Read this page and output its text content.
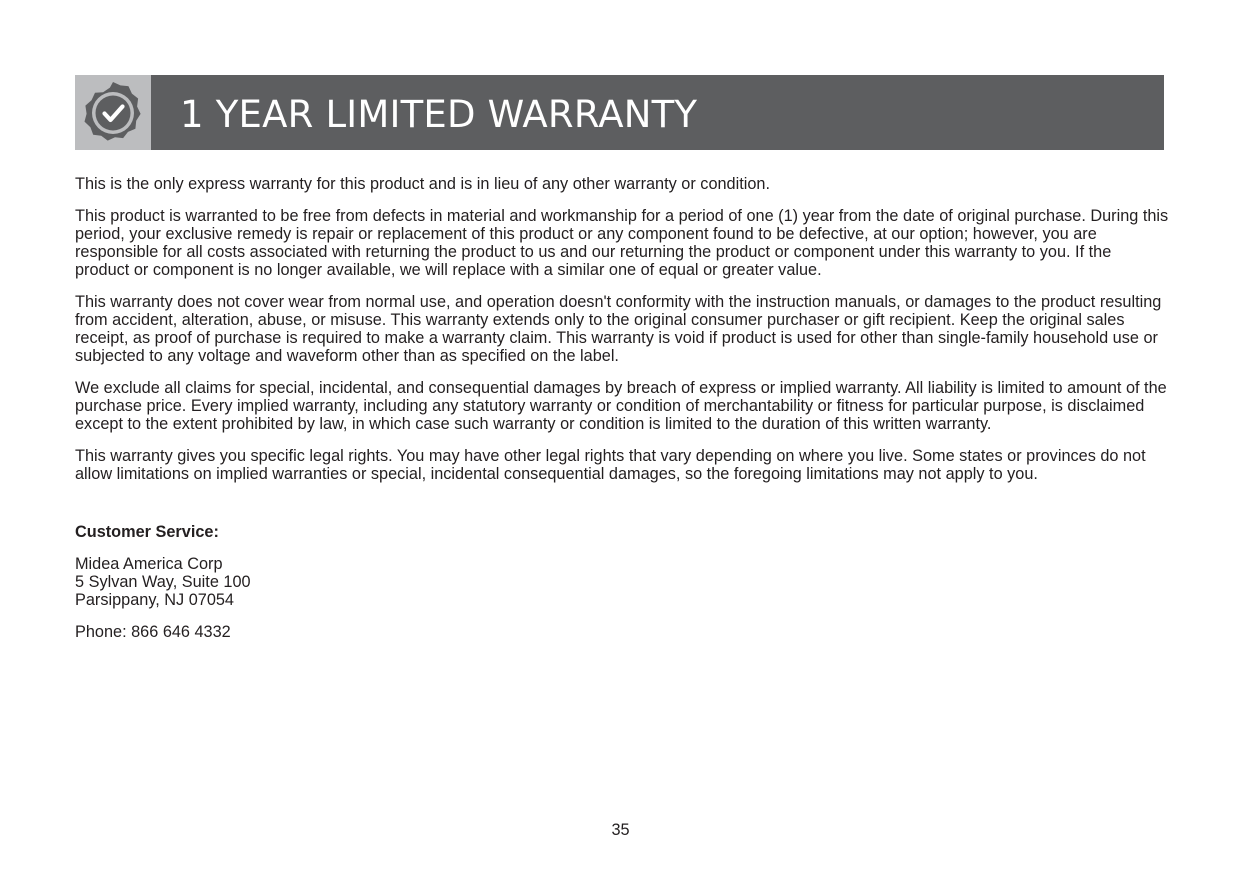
1 YEAR LIMITED WARRANTY

This is the only express warranty for this product and is in lieu of any other warranty or condition.

This product is warranted to be free from defects in material and workmanship for a period of one (1) year from the date of original purchase. During this period, your exclusive remedy is repair or replacement of this product or any component found to be defective, at our option; however, you are responsible for all costs associated with returning the product to us and our returning the product or component under this warranty to you. If the product or component is no longer available, we will replace with a similar one of equal or greater value.

This warranty does not cover wear from normal use, and operation doesn't conformity with the instruction manuals, or damages to the product resulting from accident, alteration, abuse, or misuse. This warranty extends only to the original consumer purchaser or gift recipient. Keep the original sales receipt, as proof of purchase is required to make a warranty claim. This warranty is void if product is used for other than single-family household use or subjected to any voltage and waveform other than as specified on the label.

We exclude all claims for special, incidental, and consequential damages by breach of express or implied warranty. All liability is limited to amount of the purchase price. Every implied warranty, including any statutory warranty or condition of merchantability or fitness for particular purpose, is disclaimed except to the extent prohibited by law, in which case such warranty or condition is limited to the duration of this written warranty.

This warranty gives you specific legal rights. You may have other legal rights that vary depending on where you live. Some states or provinces do not allow limitations on implied warranties or special, incidental consequential damages, so the foregoing limitations may not apply to you.

Customer Service:

Midea America Corp
5 Sylvan Way, Suite 100
Parsippany, NJ 07054

Phone: 866 646 4332

35
